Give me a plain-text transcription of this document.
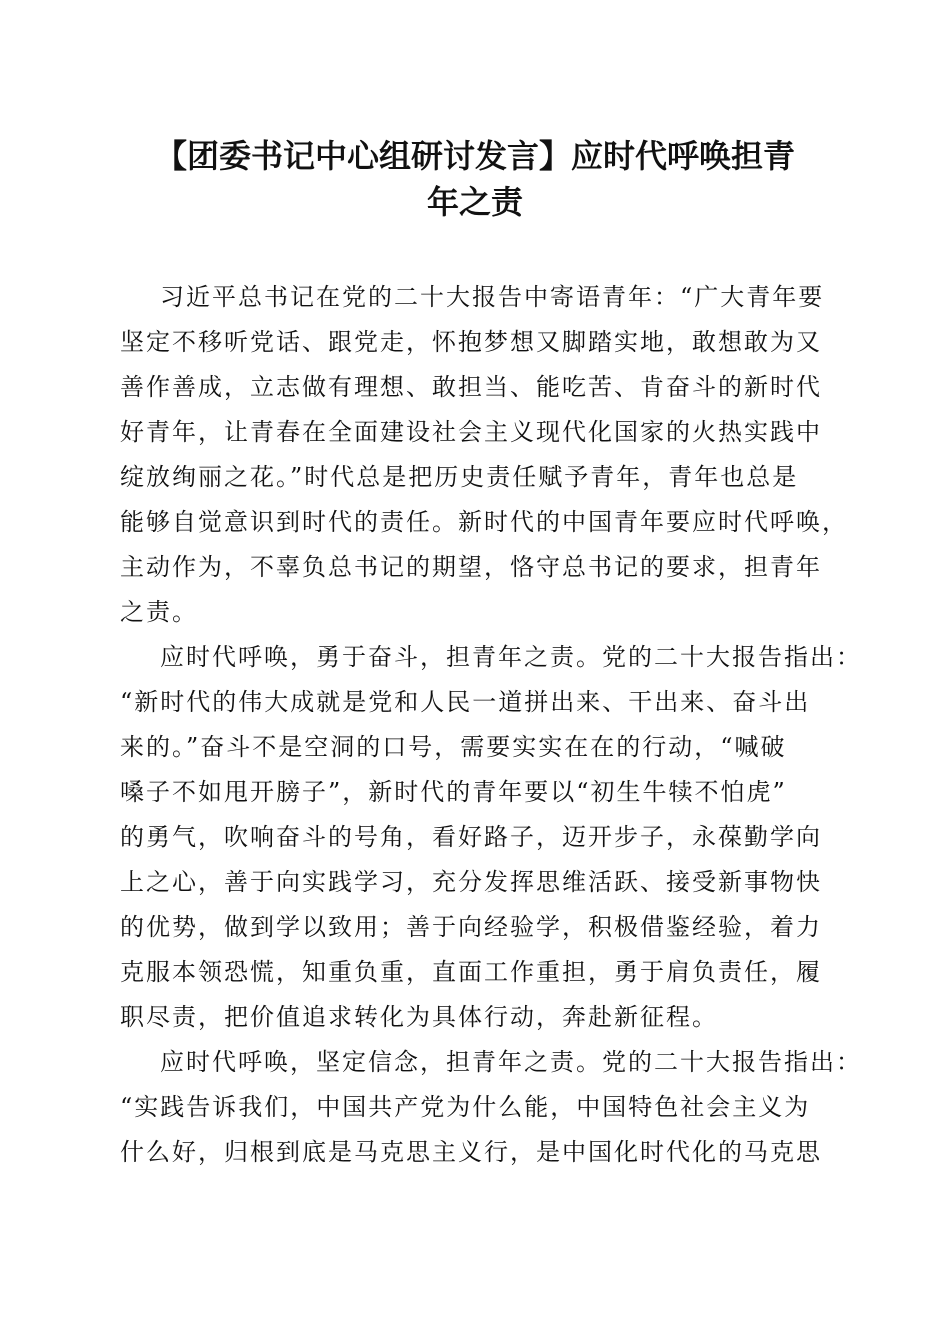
【团委书记中心组研讨发言】应时代呼唤担青
年之责
习近平总书记在党的二十大报告中寄语青年：“广大青年要
坚定不移听党话、跟党走，怀抱梦想又脚踏实地，敢想敢为又
善作善成，立志做有理想、敢担当、能吃苦、肯奋斗的新时代
好青年，让青春在全面建设社会主义现代化国家的火热实践中
绽放绚丽之花。”时代总是把历史责任赋予青年，青年也总是
能够自觉意识到时代的责任。新时代的中国青年要应时代呼唤，
主动作为，不辜负总书记的期望，恪守总书记的要求，担青年
之责。
应时代呼唤，勇于奋斗，担青年之责。党的二十大报告指出：
“新时代的伟大成就是党和人民一道拼出来、干出来、奋斗出
来的。”奋斗不是空洞的口号，需要实实在在的行动，“喊破
嗓子不如甩开膀子”，新时代的青年要以“初生牛犊不怕虎”
的勇气，吹响奋斗的号角，看好路子，迈开步子，永葆勤学向
上之心，善于向实践学习，充分发挥思维活跃、接受新事物快
的优势，做到学以致用；善于向经验学，积极借鉴经验，着力
克服本领恐慌，知重负重，直面工作重担，勇于肩负责任，履
职尽责，把价值追求转化为具体行动，奔赴新征程。
应时代呼唤，坚定信念，担青年之责。党的二十大报告指出：
“实践告诉我们，中国共产党为什么能，中国特色社会主义为
什么好，归根到底是马克思主义行，是中国化时代化的马克思
